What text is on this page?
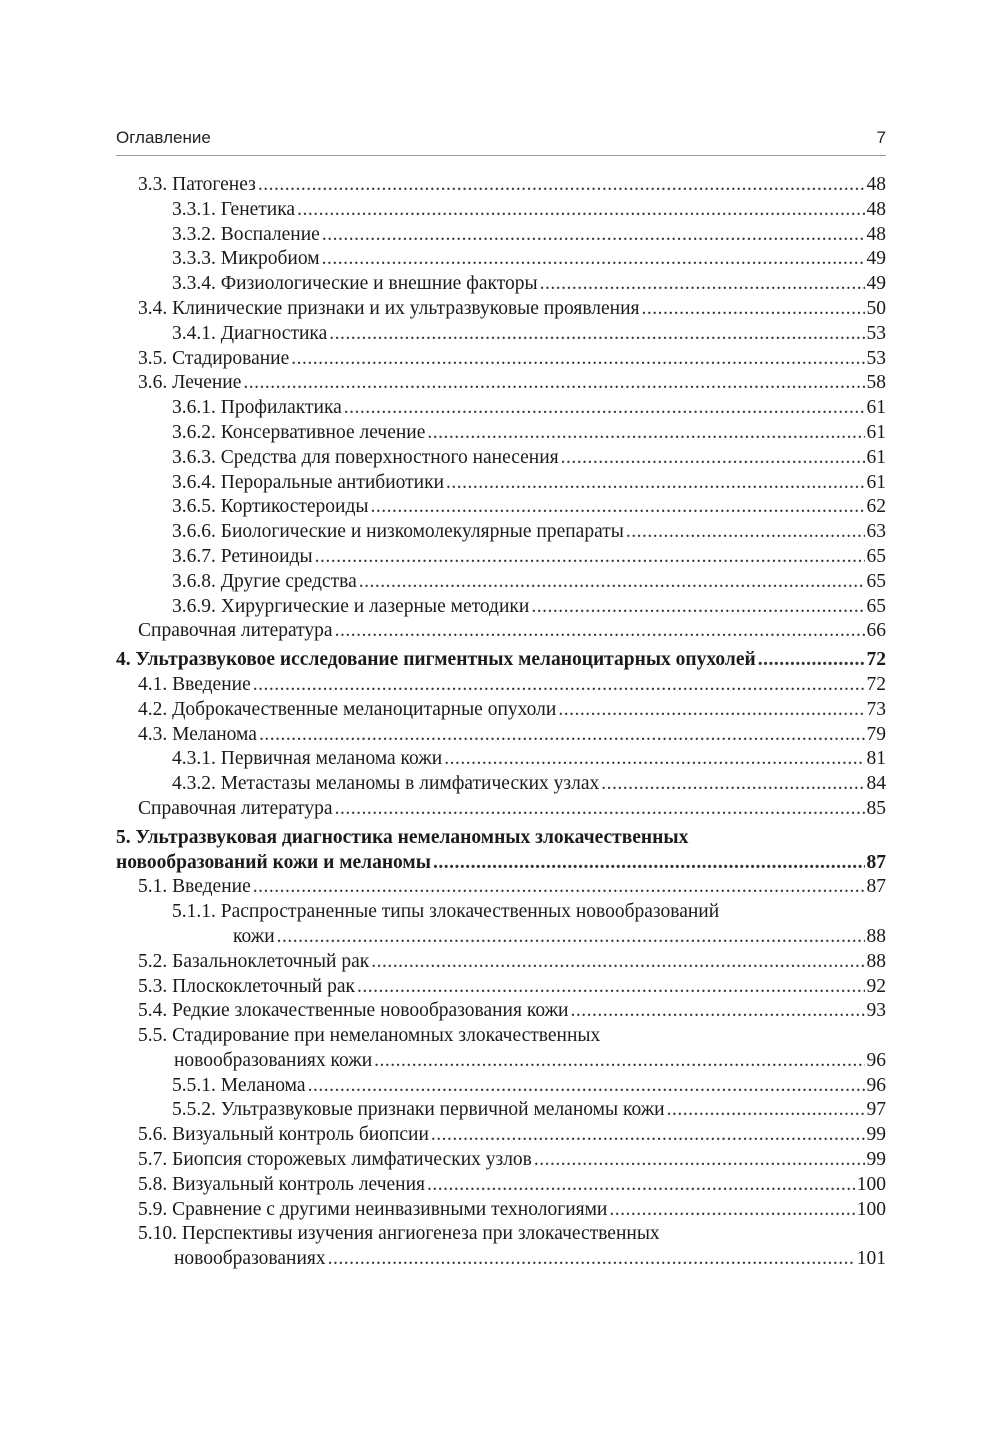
Оглавление	7
3.3. Патогенез .....	48
3.3.1. Генетика .....	48
3.3.2. Воспаление .....	48
3.3.3. Микробиом .....	49
3.3.4. Физиологические и внешние факторы .....	49
3.4. Клинические признаки и их ультразвуковые проявления .....	50
3.4.1. Диагностика .....	53
3.5. Стадирование .....	53
3.6. Лечение .....	58
3.6.1. Профилактика .....	61
3.6.2. Консервативное лечение .....	61
3.6.3. Средства для поверхностного нанесения .....	61
3.6.4. Пероральные антибиотики .....	61
3.6.5. Кортикостероиды .....	62
3.6.6. Биологические и низкомолекулярные препараты .....	63
3.6.7. Ретиноиды .....	65
3.6.8. Другие средства .....	65
3.6.9. Хирургические и лазерные методики .....	65
Справочная литература .....	66
4. Ультразвуковое исследование пигментных меланоцитарных опухолей .....	72
4.1. Введение .....	72
4.2. Доброкачественные меланоцитарные опухоли .....	73
4.3. Меланома .....	79
4.3.1. Первичная меланома кожи .....	81
4.3.2. Метастазы меланомы в лимфатических узлах .....	84
Справочная литература .....	85
5. Ультразвуковая диагностика немеланомных злокачественных
новообразований кожи и меланомы .....	87
5.1. Введение .....	87
5.1.1. Распространенные типы злокачественных новообразований
кожи .....	88
5.2. Базальноклеточный рак .....	88
5.3. Плоскоклеточный рак .....	92
5.4. Редкие злокачественные новообразования кожи .....	93
5.5. Стадирование при немеланомных злокачественных
новообразованиях кожи .....	96
5.5.1. Меланома .....	96
5.5.2. Ультразвуковые признаки первичной меланомы кожи .....	97
5.6. Визуальный контроль биопсии .....	99
5.7. Биопсия сторожевых лимфатических узлов .....	99
5.8. Визуальный контроль лечения .....	100
5.9. Сравнение с другими неинвазивными технологиями .....	100
5.10. Перспективы изучения ангиогенеза при злокачественных
новообразованиях .....	101
